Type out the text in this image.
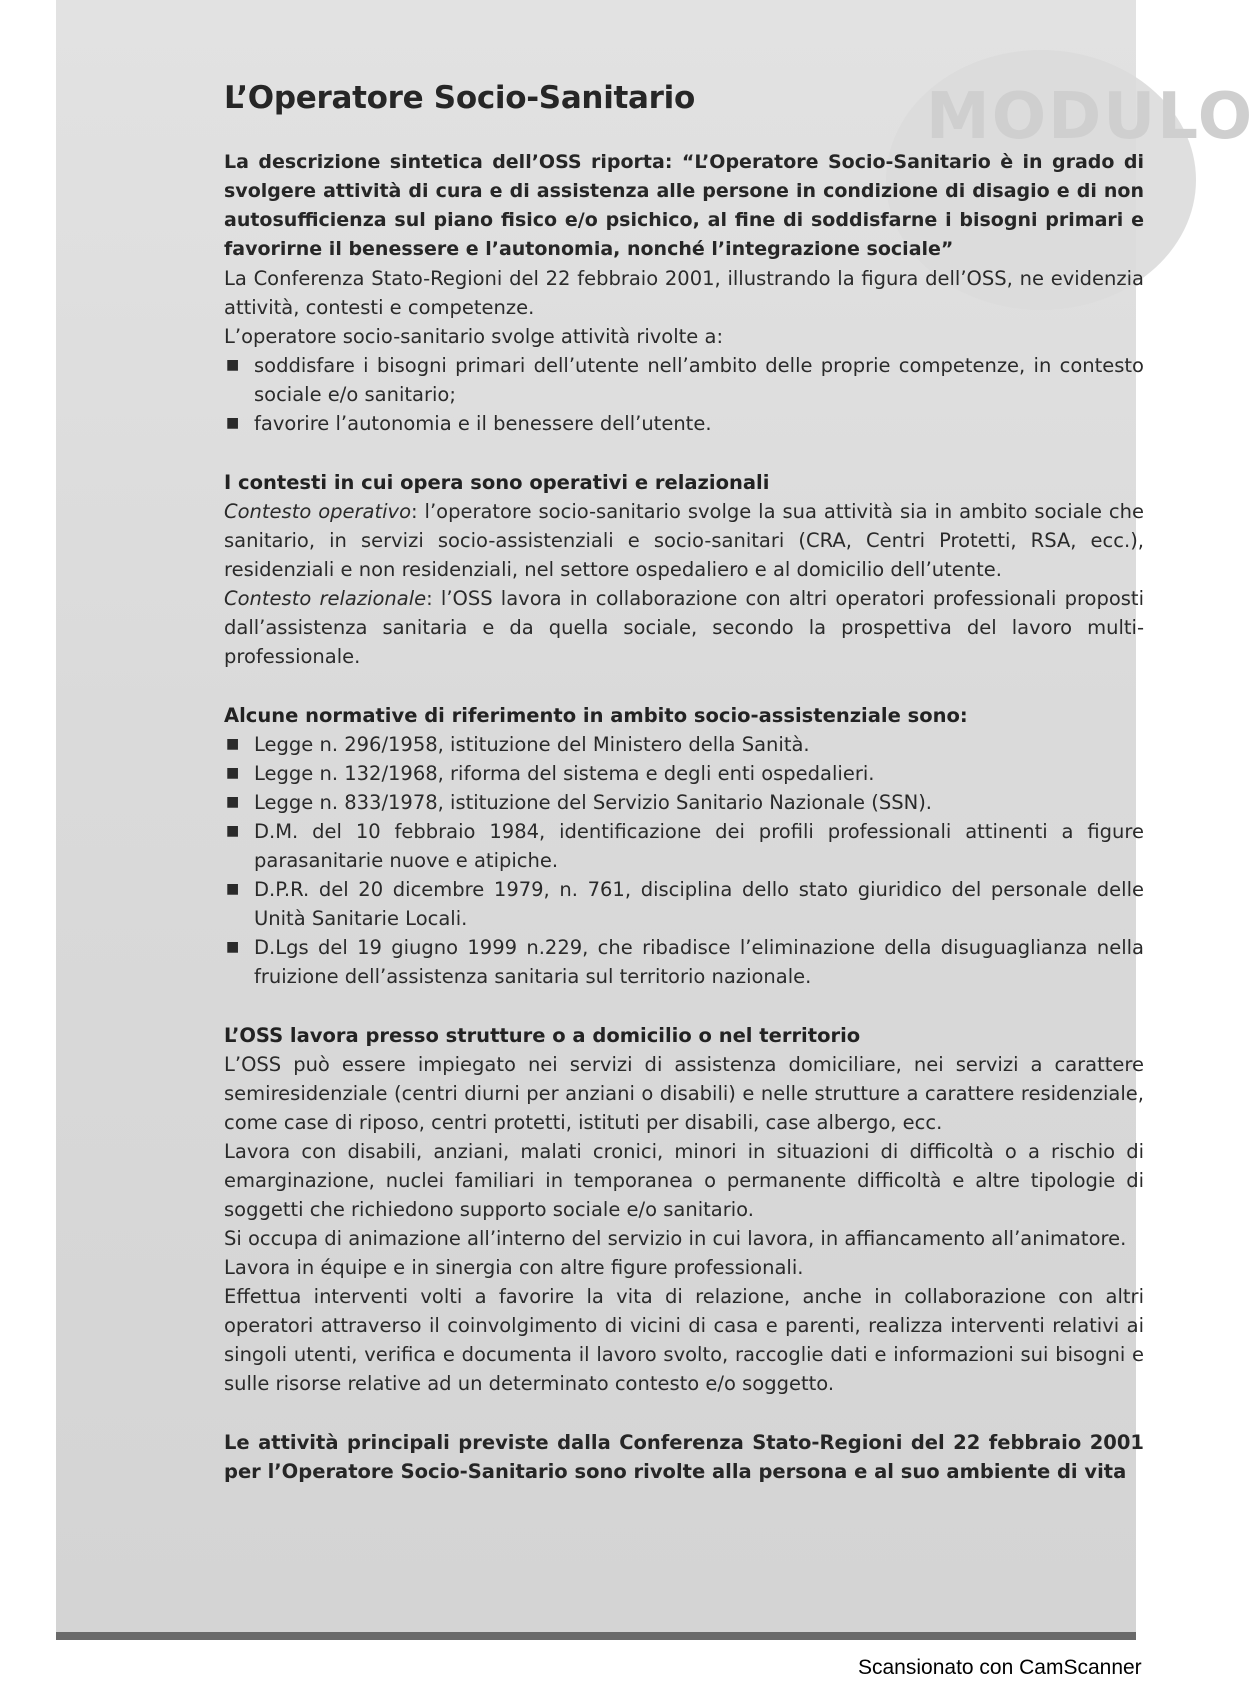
MODULO
L’Operatore Socio-Sanitario

La descrizione sintetica dell’OSS riporta: “L’Operatore Socio-Sanitario è in grado di svolgere attività di cura e di assistenza alle persone in condizione di disagio e di non autosufficienza sul piano fisico e/o psichico, al fine di soddisfarne i bisogni primari e favorirne il benessere e l’autonomia, nonché l’integrazione sociale”

La Conferenza Stato-Regioni del 22 febbraio 2001, illustrando la figura dell’OSS, ne evidenzia attività, contesti e competenze.

L’operatore socio-sanitario svolge attività rivolte a:

■ soddisfare i bisogni primari dell’utente nell’ambito delle proprie competenze, in contesto sociale e/o sanitario;
■ favorire l’autonomia e il benessere dell’utente.

I contesti in cui opera sono operativi e relazionali

Contesto operativo: l’operatore socio-sanitario svolge la sua attività sia in ambito sociale che sanitario, in servizi socio-assistenziali e socio-sanitari (CRA, Centri Protetti, RSA, ecc.), residenziali e non residenziali, nel settore ospedaliero e al domicilio dell’utente.

Contesto relazionale: l’OSS lavora in collaborazione con altri operatori professionali proposti dall’assistenza sanitaria e da quella sociale, secondo la prospettiva del lavoro multi-professionale.

Alcune normative di riferimento in ambito socio-assistenziale sono:

■ Legge n. 296/1958, istituzione del Ministero della Sanità.
■ Legge n. 132/1968, riforma del sistema e degli enti ospedalieri.
■ Legge n. 833/1978, istituzione del Servizio Sanitario Nazionale (SSN).
■ D.M. del 10 febbraio 1984, identificazione dei profili professionali attinenti a figure parasanitarie nuove e atipiche.
■ D.P.R. del 20 dicembre 1979, n. 761, disciplina dello stato giuridico del personale delle Unità Sanitarie Locali.
■ D.Lgs del 19 giugno 1999 n.229, che ribadisce l’eliminazione della disuguaglianza nella fruizione dell’assistenza sanitaria sul territorio nazionale.

L’OSS lavora presso strutture o a domicilio o nel territorio

L’OSS può essere impiegato nei servizi di assistenza domiciliare, nei servizi a carattere semiresidenziale (centri diurni per anziani o disabili) e nelle strutture a carattere residenziale, come case di riposo, centri protetti, istituti per disabili, case albergo, ecc.

Lavora con disabili, anziani, malati cronici, minori in situazioni di difficoltà o a rischio di emarginazione, nuclei familiari in temporanea o permanente difficoltà e altre tipologie di soggetti che richiedono supporto sociale e/o sanitario.

Si occupa di animazione all’interno del servizio in cui lavora, in affiancamento all’animatore.

Lavora in équipe e in sinergia con altre figure professionali.

Effettua interventi volti a favorire la vita di relazione, anche in collaborazione con altri operatori attraverso il coinvolgimento di vicini di casa e parenti, realizza interventi relativi ai singoli utenti, verifica e documenta il lavoro svolto, raccoglie dati e informazioni sui bisogni e sulle risorse relative ad un determinato contesto e/o soggetto.

Le attività principali previste dalla Conferenza Stato-Regioni del 22 febbraio 2001 per l’Operatore Socio-Sanitario sono rivolte alla persona e al suo ambiente di vita

Scansionato con CamScanner
